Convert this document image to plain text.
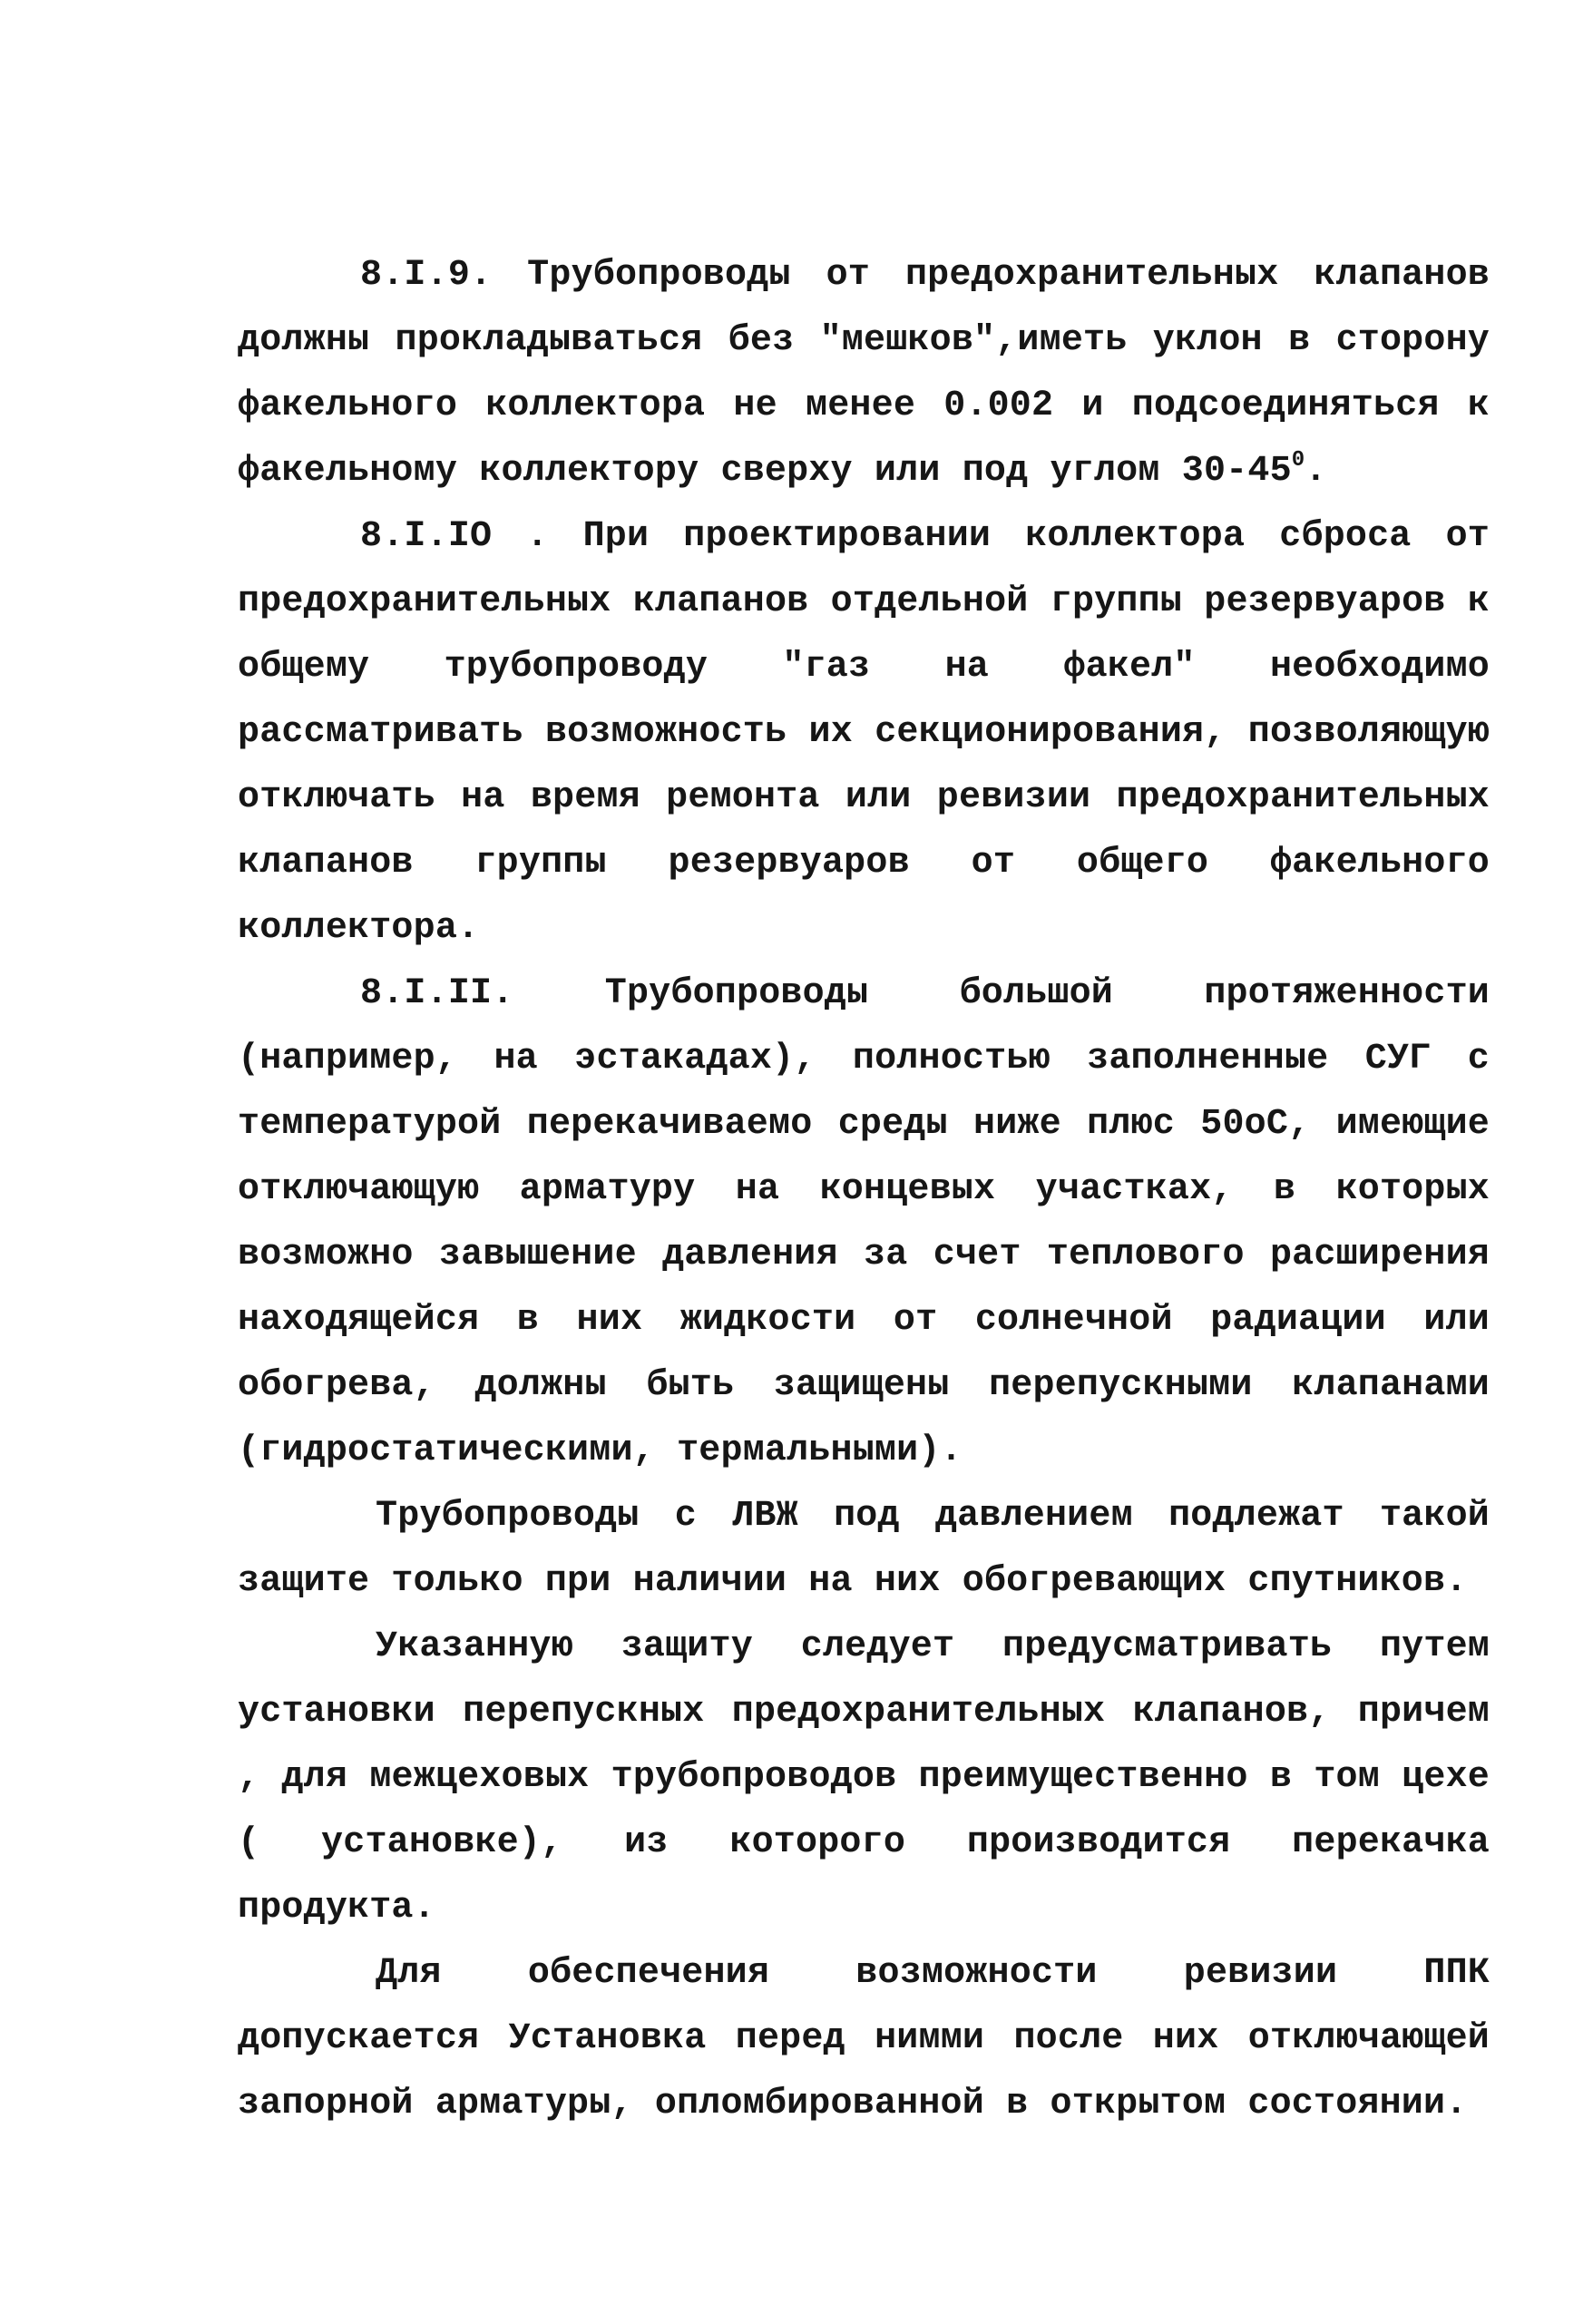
8.I.9. Трубопроводы от предохранительных клапанов должны прокладываться без "мешков",иметь уклон в сторону факельного коллектора не менее 0.002 и подсоединяться к факельному коллектору сверху или под углом $30-45^0$.

8.I.IO . При проектировании коллектора сброса от предохранительных клапанов отдельной группы резервуаров к общему трубопроводу "газ на факел" необходимо рассматривать возможность их секционирования, позволяющую отключать на время ремонта или ревизии предохранительных клапанов группы резервуаров от общего факельного коллектора.

8.I.II. Трубопроводы большой протяженности (например, на эстакадах), полностью заполненные СУГ с температурой перекачиваемо среды ниже плюс 50оС, имеющие отключающую арматуру на концевых участках, в которых возможно завышение давления за счет теплового расширения находящейся в них жидкости от солнечной радиации или обогрева, должны быть защищены перепускными клапанами (гидростатическими, термальными).

Трубопроводы с ЛВЖ под давлением подлежат такой защите только при наличии на них обогревающих спутников.

Указанную защиту следует предусматривать путем установки перепускных предохранительных клапанов, причем , для межцеховых трубопроводов преимущественно в том цехе ( установке), из которого производится перекачка продукта.

Для обеспечения возможности ревизии ППК допускается Установка перед нимми после них отключающей запорной арматуры, опломбированной в открытом состоянии.
